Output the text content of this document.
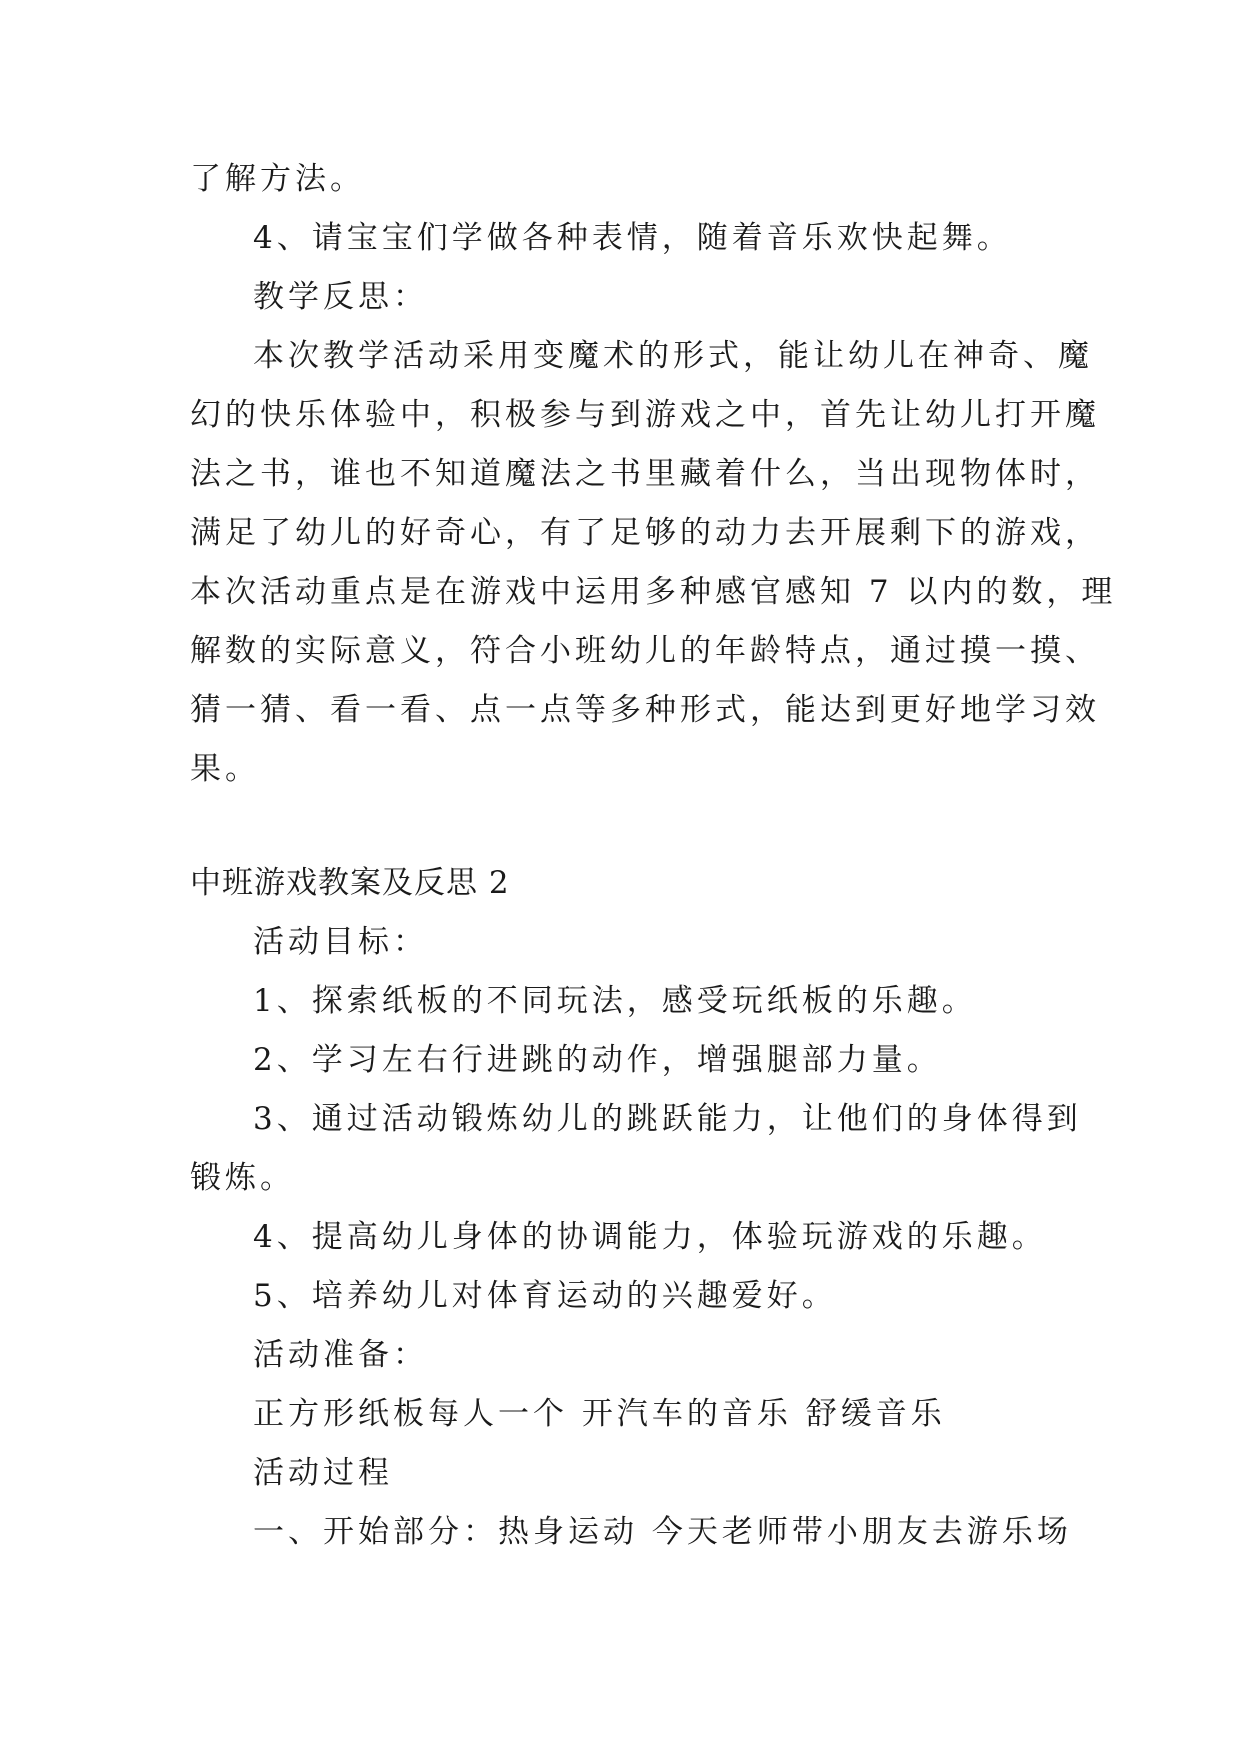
了解方法。
4、请宝宝们学做各种表情，随着音乐欢快起舞。
教学反思：
本次教学活动采用变魔术的形式，能让幼儿在神奇、魔
幻的快乐体验中，积极参与到游戏之中，首先让幼儿打开魔
法之书，谁也不知道魔法之书里藏着什么，当出现物体时，
满足了幼儿的好奇心，有了足够的动力去开展剩下的游戏，
本次活动重点是在游戏中运用多种感官感知 7 以内的数，理
解数的实际意义，符合小班幼儿的年龄特点，通过摸一摸、
猜一猜、看一看、点一点等多种形式，能达到更好地学习效
果。
中班游戏教案及反思 2
活动目标：
1、探索纸板的不同玩法，感受玩纸板的乐趣。
2、学习左右行进跳的动作，增强腿部力量。
3、通过活动锻炼幼儿的跳跃能力，让他们的身体得到
锻炼。
4、提高幼儿身体的协调能力，体验玩游戏的乐趣。
5、培养幼儿对体育运动的兴趣爱好。
活动准备：
正方形纸板每人一个 开汽车的音乐 舒缓音乐
活动过程
一、开始部分：热身运动 今天老师带小朋友去游乐场
